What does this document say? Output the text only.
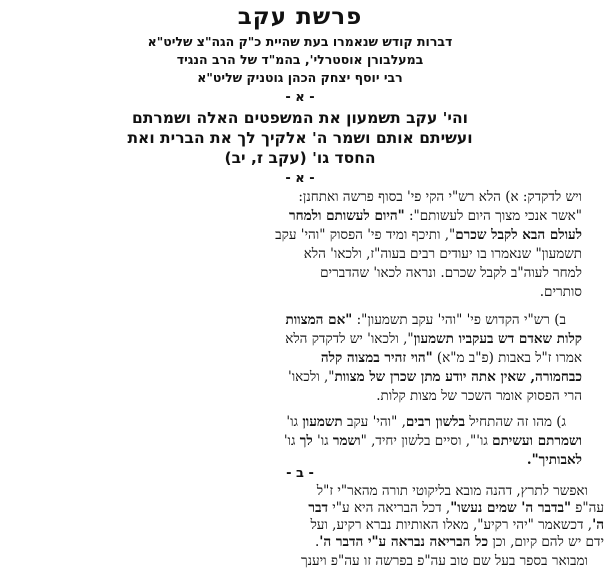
פרשת עקב
דברות קודש שנאמרו בעת שהיית כ"ק הגה"צ שליט"א
במעלבורן אוסטרלי', בהמ"ד של הרב הנגיד
רבי יוסף יצחק הכהן גוטניק שליט"א
- א -
והי' עקב תשמעון את המשפטים האלה ושמרתם
ועשיתם אותם ושמר ה' אלקיך לך את הברית ואת
החסד גו' (עקב ז, יב)
- א -
ויש לדקדק: א) הלא רש"י הקי פי' בסוף פרשה ואתחנן:
"אשר אנכי מצוך היום לעשותם": "היום לעשותם ולמחר
לעולם הבא לקבל שכרם", ותיכף ומיד פי' הפסוק "והי' עקב
תשמעון" שנאמרו בו יעודים רבים בעוה"ז, ולכאו' הלא
למחר לעוה"ב לקבל שכרם. ונראה לכאו' שהדברים
סותרים.
ב) רש"י הקדוש פי' "והי' עקב תשמעון": "אם המצוות
קלות שאדם דש בעקביו תשמעון", ולכאו' יש לדקדק הלא
אמרו ז"ל באבות (פ"ב מ"א) "הוי זהיר במצוה קלה
כבחמורה, שאין אתה יודע מתן שכרן של מצוות", ולכאו'
הרי הפסוק אומר השכר של מצות קלות.
ג) מהו זה שהתחיל בלשון רבים, "והי' עקב תשמעון גו'
ושמרתם ועשיתם גו'", וסיים בלשון יחיד, "ושמר גו' לך גו'
לאבותיך".
- ב -
ואפשר לתרץ, דהנה מובא בליקוטי תורה מהאר"י ז"ל
עה"פ "בדבר ה' שמים נעשו", דכל הבריאה היא ע"י דבר
ה', דכשאמר "יהי רקיע", מאלו האותיות נברא רקיע, ועל
ידם יש להם קיום, וכן כל הבריאה נבראה ע"י הדבר ה'.
ומבואר בספר בעל שם טוב עה"פ בפרשה זו עה"פ ויענך
